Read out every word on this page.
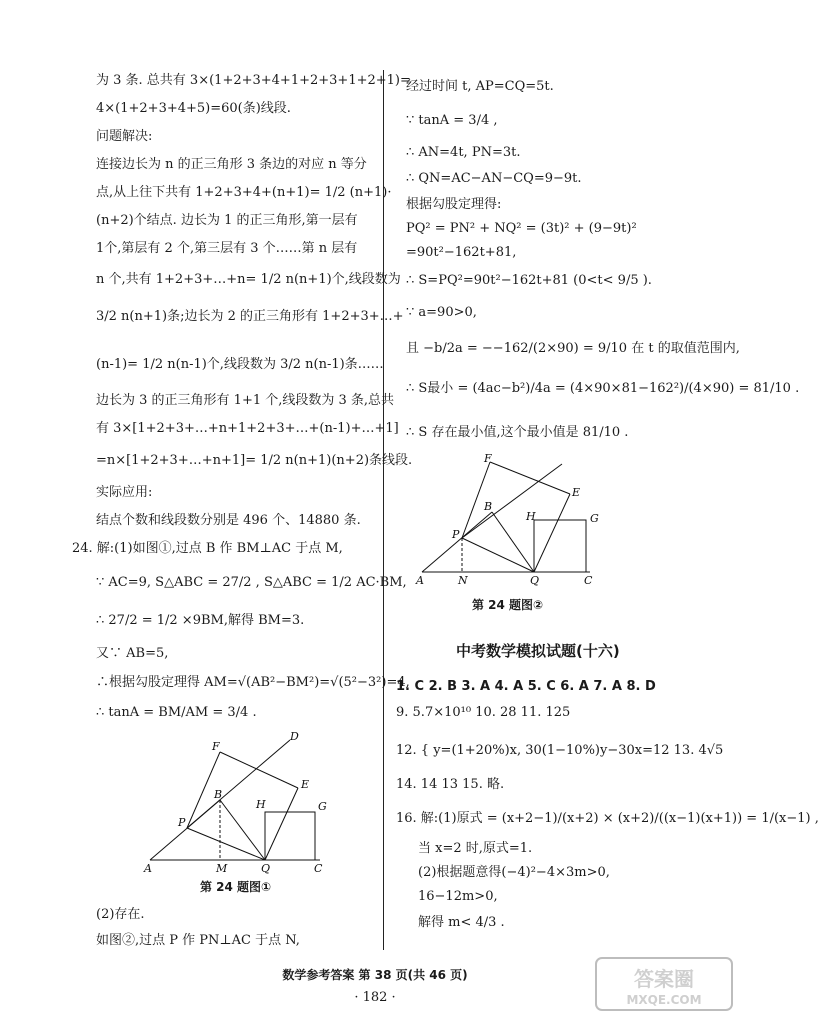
为 3 条. 总共有 3×(1+2+3+4+1+2+3+1+2+1)=
4×(1+2+3+4+5)=60(条)线段.
问题解决:
连接边长为 n 的正三角形 3 条边的对应 n 等分
点,从上往下共有 1+2+3+4+(n+1)= 1/2 (n+1)·
(n+2)个结点. 边长为 1 的正三角形,第一层有
1个,第层有 2 个,第三层有 3 个……第 n 层有
n 个,共有 1+2+3+…+n= 1/2 n(n+1)个,线段数为
3/2 n(n+1)条;边长为 2 的正三角形有 1+2+3+…+
(n-1)= 1/2 n(n-1)个,线段数为 3/2 n(n-1)条……
边长为 3 的正三角形有 1+1 个,线段数为 3 条,总共
有 3×[1+2+3+…+n+1+2+3+…+(n-1)+…+1]
=n×[1+2+3+…+n+1]= 1/2 n(n+1)(n+2)条线段.
实际应用:
结点个数和线段数分别是 496 个、14880 条.
24. 解:(1)如图①,过点 B 作 BM⊥AC 于点 M,
∵ AC=9, S△ABC = 27/2 , S△ABC = 1/2 AC·BM,
∴ 27/2 = 1/2 ×9BM,解得 BM=3.
又∵ AB=5,
∴根据勾股定理得 AM=√(AB²−BM²)=√(5²−3²)=4,
∴ tanA = BM/AM = 3/4 .
(2)存在.
如图②,过点 P 作 PN⊥AC 于点 N,
F
D
E
B
H	G
P
A	M	Q	C
第 24 题图①
经过时间 t, AP=CQ=5t.
∵ tanA = 3/4 ,
∴ AN=4t, PN=3t.
∴ QN=AC−AN−CQ=9−9t.
根据勾股定理得:
PQ² = PN² + NQ² = (3t)² + (9−9t)²
=90t²−162t+81,
∴ S=PQ²=90t²−162t+81 (0<t< 9/5 ).
∵ a=90>0,
且 −b/2a = −−162/(2×90) = 9/10 在 t 的取值范围内,
∴ S最小 = (4ac−b²)/4a = (4×90×81−162²)/(4×90) = 81/10 .
∴ S 存在最小值,这个最小值是 81/10 .
F
E
B
H	G
P
A	N	Q	C
第 24 题图②
中考数学模拟试题(十六)
1. C 2. B 3. A 4. A 5. C 6. A 7. A 8. D
9. 5.7×10¹⁰ 10. 28 11. 125
12. { y=(1+20%)x, 30(1−10%)y−30x=12 13. 4√5
14. 14 13 15. 略.
16. 解:(1)原式 = (x+2−1)/(x+2) × (x+2)/((x−1)(x+1)) = 1/(x−1) ,
当 x=2 时,原式=1.
(2)根据题意得(−4)²−4×3m>0,
16−12m>0,
解得 m< 4/3 .
数学参考答案 第 38 页(共 46 页)
· 182 ·
答案圈
MXQE.COM
